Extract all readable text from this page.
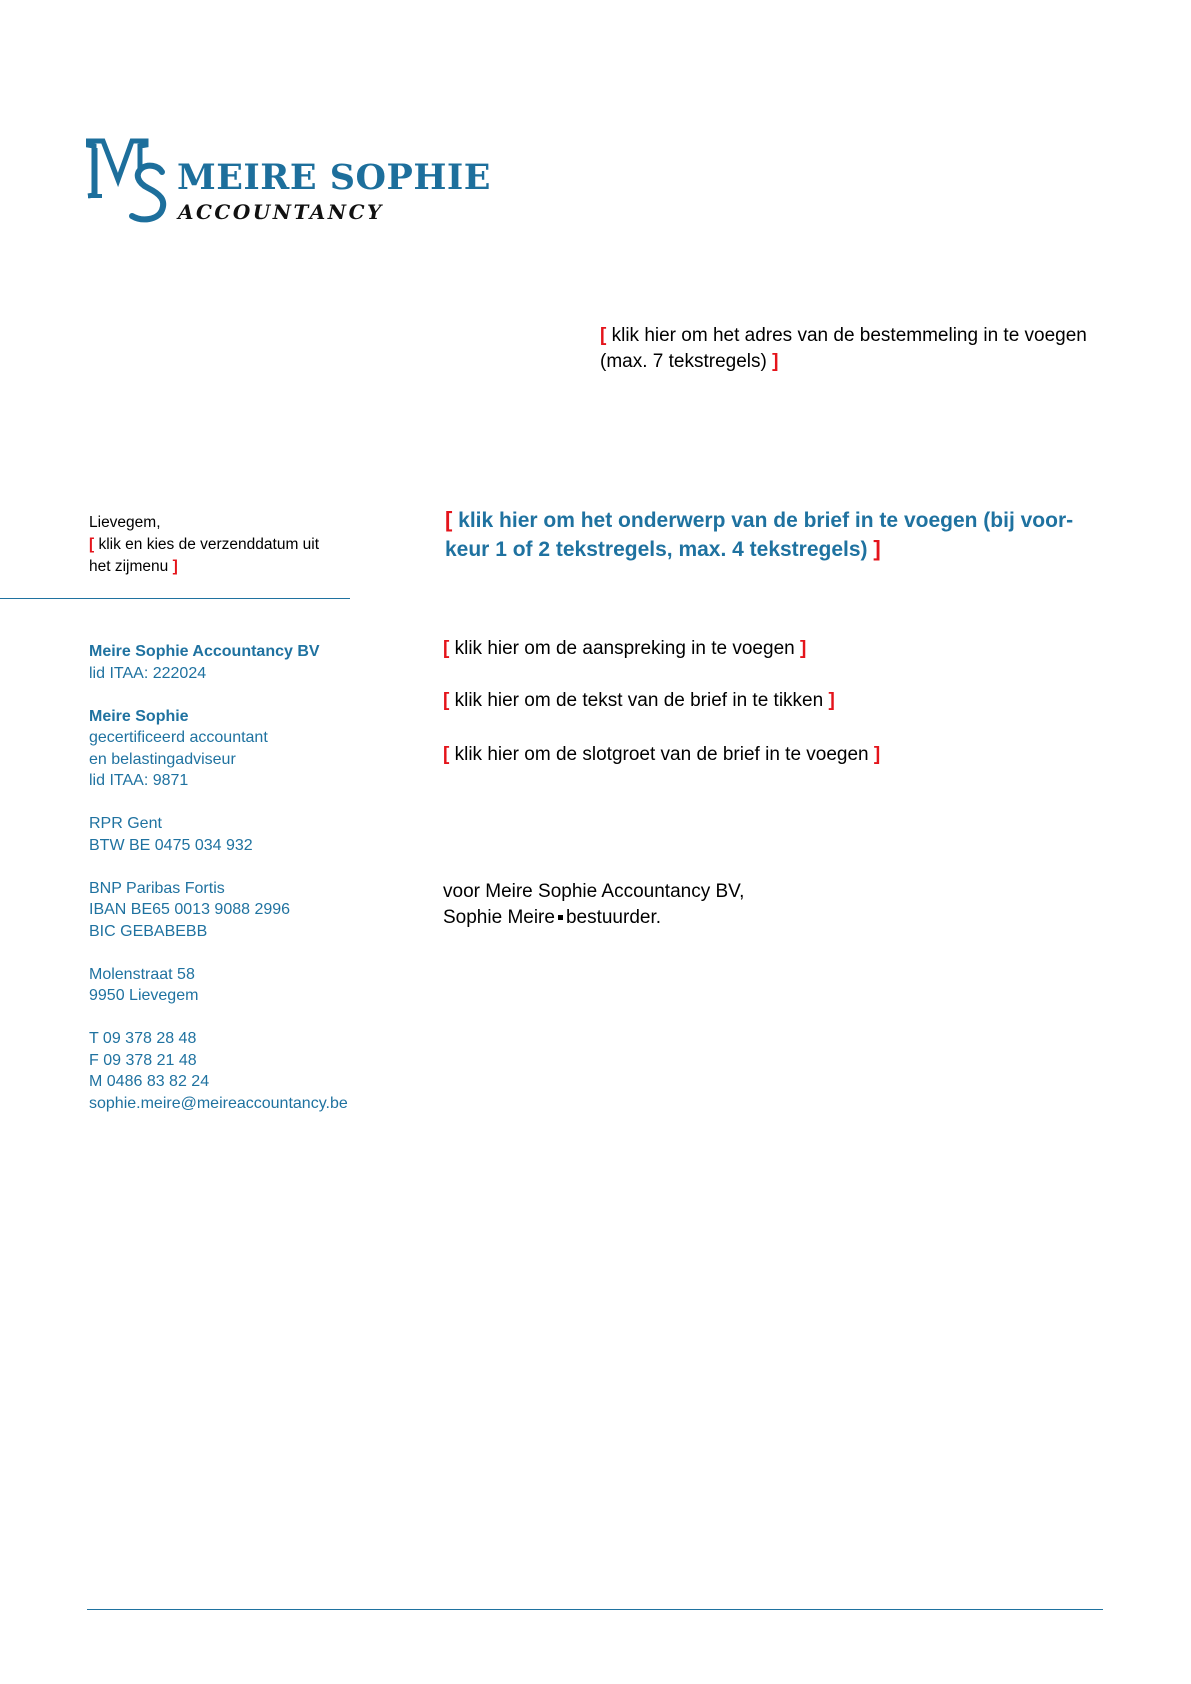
MEIRE SOPHIE
ACCOUNTANCY
[ klik hier om het adres van de bestemmeling in te voegen
(max. 7 tekstregels) ]
Lievegem,
[ klik en kies de verzenddatum uit
het zijmenu ]
[ klik hier om het onderwerp van de brief in te voegen (bij voor-
keur 1 of 2 tekstregels, max. 4 tekstregels) ]
[ klik hier om de aanspreking in te voegen ]
[ klik hier om de tekst van de brief in te tikken ]
[ klik hier om de slotgroet van de brief in te voegen ]
voor Meire Sophie Accountancy BV,
Sophie Meire bestuurder.
Meire Sophie Accountancy BV
lid ITAA: 222024
Meire Sophie
gecertificeerd accountant
en belastingadviseur
lid ITAA: 9871
RPR Gent
BTW BE 0475 034 932
BNP Paribas Fortis
IBAN BE65 0013 9088 2996
BIC GEBABEBB
Molenstraat 58
9950 Lievegem
T 09 378 28 48
F 09 378 21 48
M 0486 83 82 24
sophie.meire@meireaccountancy.be
